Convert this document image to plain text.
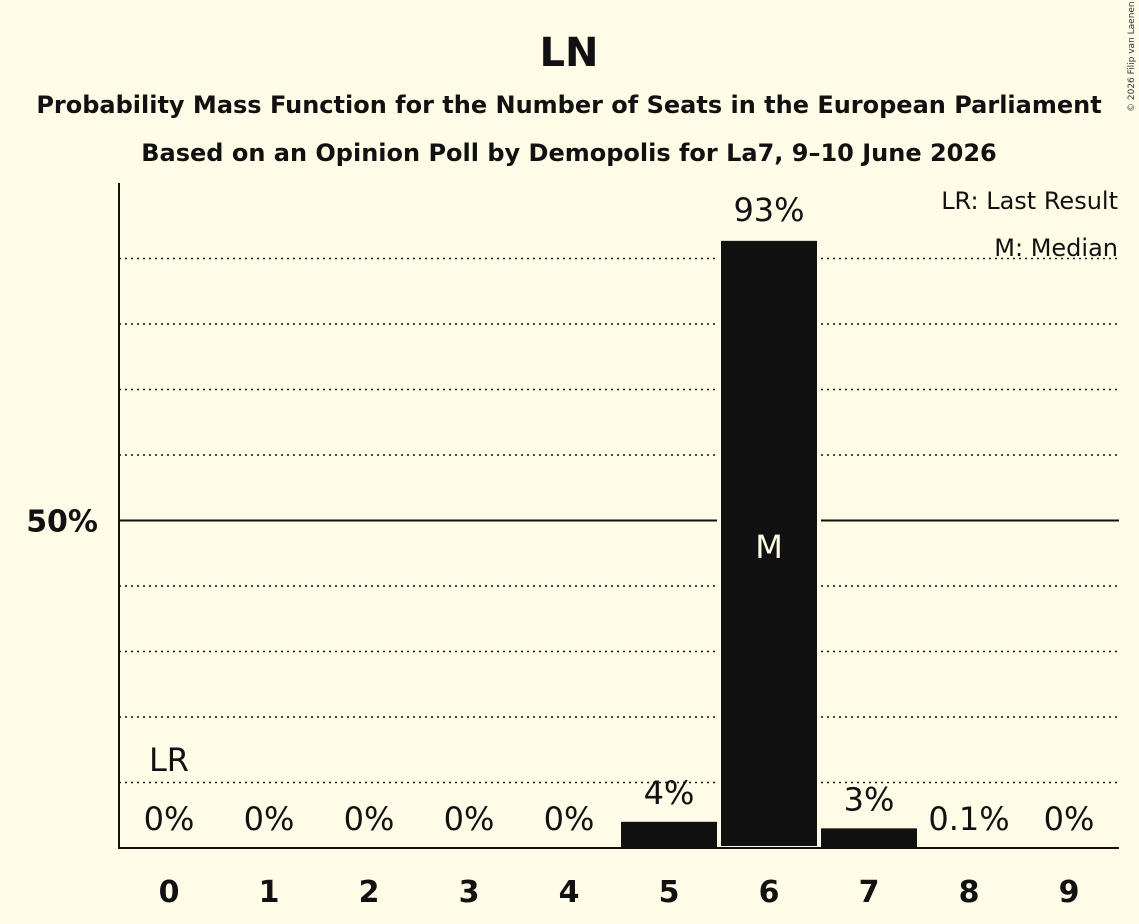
LN
Probability Mass Function for the Number of Seats in the European Parliament
Based on an Opinion Poll by Demopolis for La7, 9–10 June 2026
© 2026 Filip van Laenen
0% 0% 0% 0% 0%
4%
93%
3%
0.1% 0%
M
LR
0	1	2	3	4	5	6	7	8	9
50%
LR: Last Result
M: Median
